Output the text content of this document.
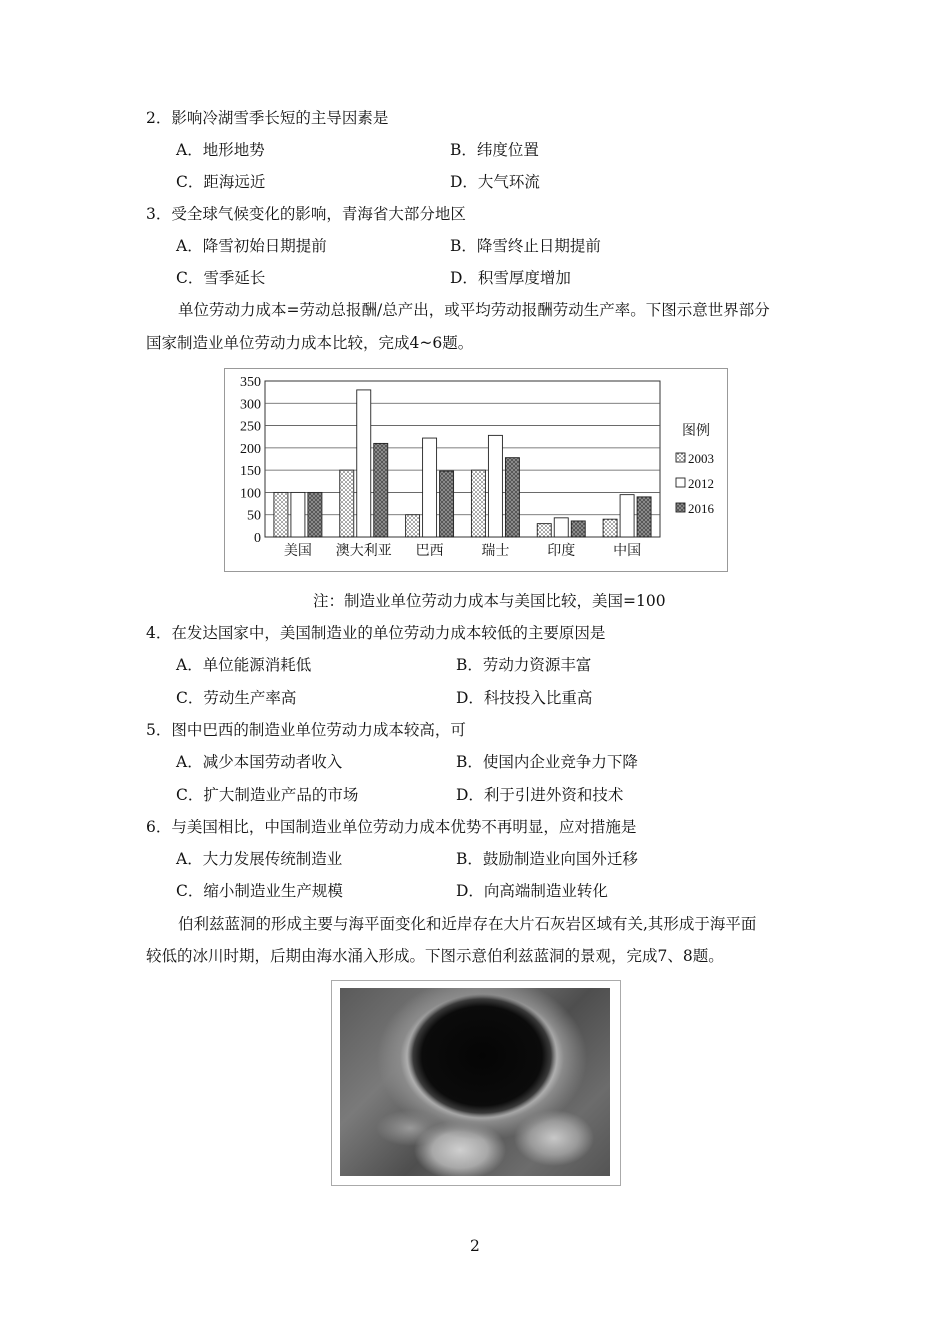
2．影响冷湖雪季长短的主导因素是
A．地形地势	B．纬度位置
C．距海远近	D．大气环流
3．受全球气候变化的影响，青海省大部分地区
A．降雪初始日期提前	B．降雪终止日期提前
C．雪季延长	D．积雪厚度增加
单位劳动力成本=劳动总报酬/总产出，或平均劳动报酬劳动生产率。下图示意世界部分
国家制造业单位劳动力成本比较，完成4~6题。
0
50
100
150
200
250
300
350
美国 澳大利亚 巴西	瑞士	印度	中国
图例
2003
2012
2016
注：制造业单位劳动力成本与美国比较，美国=100
4．在发达国家中，美国制造业的单位劳动力成本较低的主要原因是
A．单位能源消耗低	B．劳动力资源丰富
C．劳动生产率高	D．科技投入比重高
5．图中巴西的制造业单位劳动力成本较高，可
A．减少本国劳动者收入	B．使国内企业竞争力下降
C．扩大制造业产品的市场	D．利于引进外资和技术
6．与美国相比，中国制造业单位劳动力成本优势不再明显，应对措施是
A．大力发展传统制造业	B．鼓励制造业向国外迁移
C．缩小制造业生产规模	D．向高端制造业转化
伯利兹蓝洞的形成主要与海平面变化和近岸存在大片石灰岩区域有关,其形成于海平面
较低的冰川时期，后期由海水涌入形成。下图示意伯利兹蓝洞的景观，完成7、8题。
2
